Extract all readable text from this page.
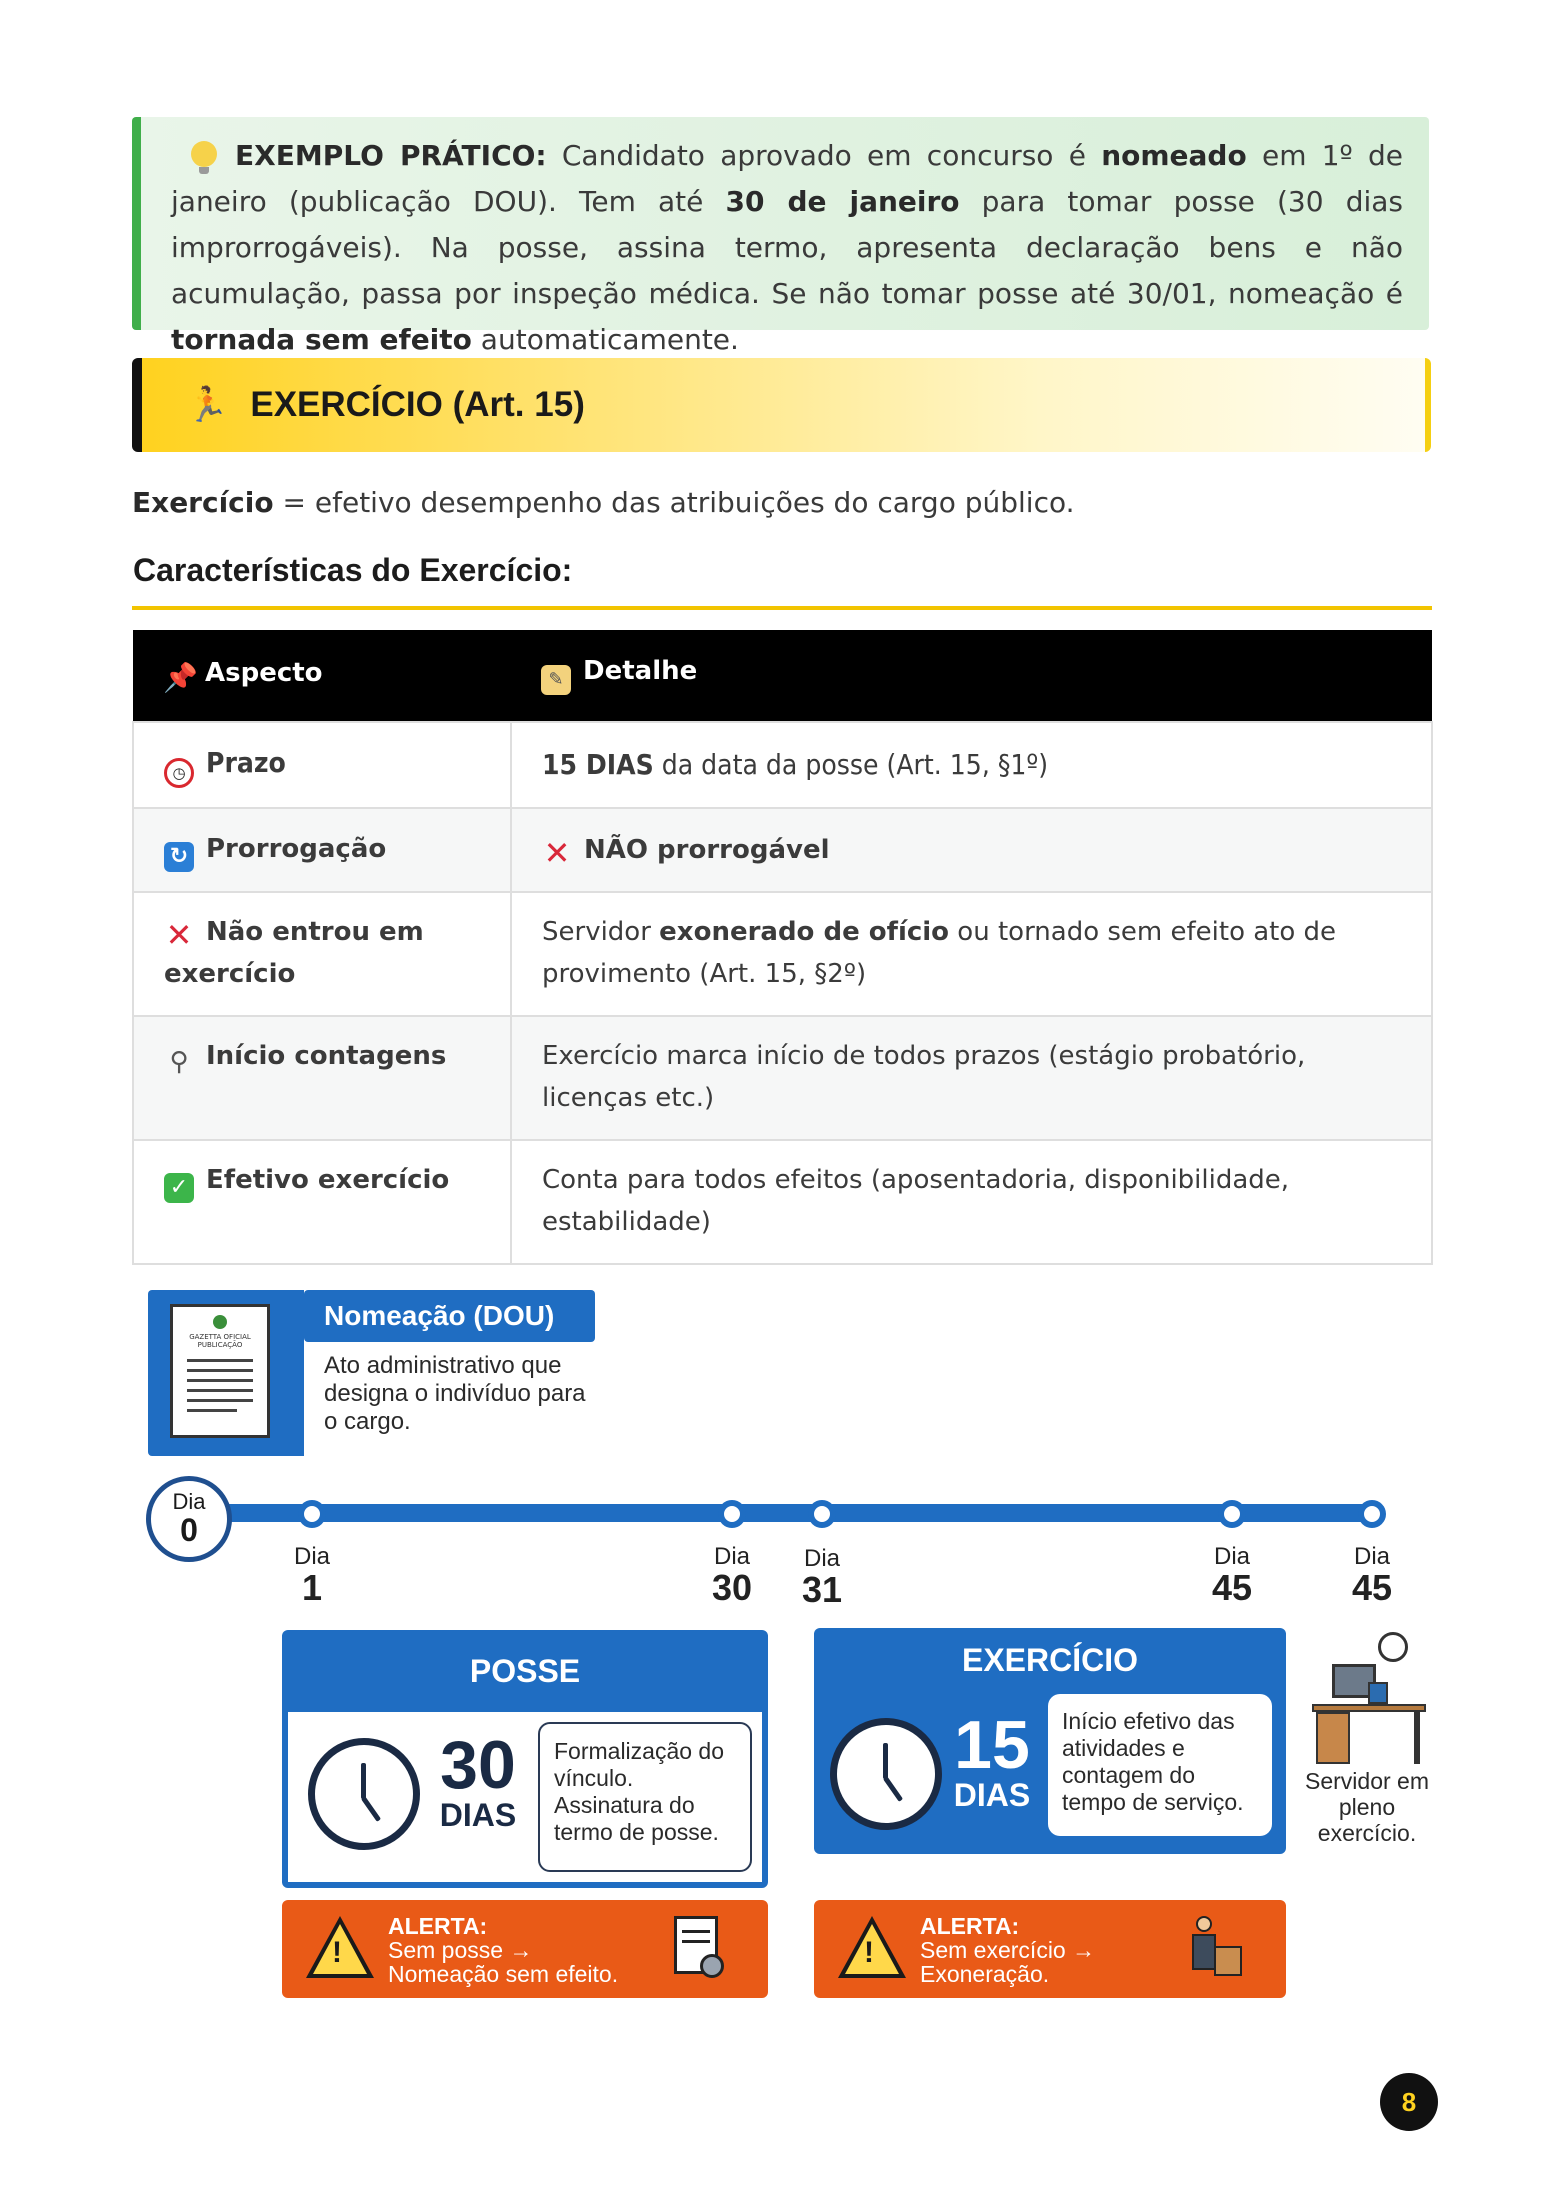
EXEMPLO PRÁTICO: Candidato aprovado em concurso é nomeado em 1º de janeiro (publicação DOU). Tem até 30 de janeiro para tomar posse (30 dias improrrogáveis). Na posse, assina termo, apresenta declaração bens e não acumulação, passa por inspeção médica. Se não tomar posse até 30/01, nomeação é tornada sem efeito automaticamente.
🏃 EXERCÍCIO (Art. 15)
Exercício = efetivo desempenho das atribuições do cargo público.
Características do Exercício:
📌 Aspecto	✎ Detalhe
◷ Prazo	15 DIAS da data da posse (Art. 15, §1º)
↻ Prorrogação	✕ NÃO prorrogável
✕ Não entrou em exercício	Servidor exonerado de ofício ou tornado sem efeito ato de provimento (Art. 15, §2º)
⚲ Início contagens	Exercício marca início de todos prazos (estágio probatório, licenças etc.)
✓ Efetivo exercício	Conta para todos efeitos (aposentadoria, disponibilidade, estabilidade)
GAZETTA OFICIAL PUBLICAÇÃO
Nomeação (DOU)
Ato administrativo que designa o indivíduo para o cargo.
Dia
0
Dia
1
Dia
30
Dia
31
Dia
45
Dia
45
POSSE
30
DIAS
Formalização do vínculo. Assinatura do termo de posse.
EXERCÍCIO
15
DIAS
Início efetivo das atividades e contagem do tempo de serviço.
Servidor em pleno exercício.
!
ALERTA:
Sem posse →
Nomeação sem efeito.
!
ALERTA:
Sem exercício →
Exoneração.
8
